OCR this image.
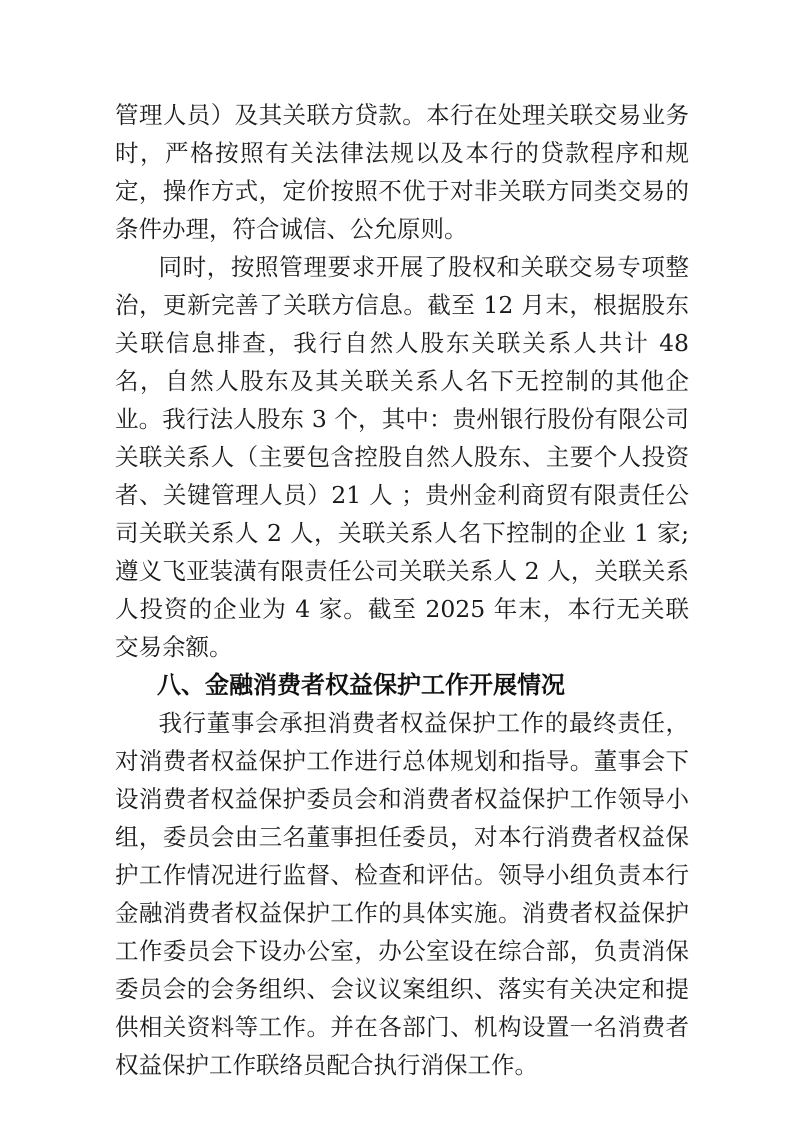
管理人员）及其关联方贷款。本行在处理关联交易业务时，严格按照有关法律法规以及本行的贷款程序和规定，操作方式，定价按照不优于对非关联方同类交易的条件办理，符合诚信、公允原则。

同时，按照管理要求开展了股权和关联交易专项整治，更新完善了关联方信息。截至 12 月末，根据股东关联信息排查，我行自然人股东关联关系人共计 48 名，自然人股东及其关联关系人名下无控制的其他企业。我行法人股东 3 个，其中：贵州银行股份有限公司关联关系人（主要包含控股自然人股东、主要个人投资者、关键管理人员）21 人 ；贵州金利商贸有限责任公司关联关系人 2 人，关联关系人名下控制的企业 1 家;遵义飞亚装潢有限责任公司关联关系人 2 人，关联关系人投资的企业为 4 家。截至 2025 年末，本行无关联交易余额。

八、金融消费者权益保护工作开展情况

我行董事会承担消费者权益保护工作的最终责任，对消费者权益保护工作进行总体规划和指导。董事会下设消费者权益保护委员会和消费者权益保护工作领导小组，委员会由三名董事担任委员，对本行消费者权益保护工作情况进行监督、检查和评估。领导小组负责本行金融消费者权益保护工作的具体实施。消费者权益保护工作委员会下设办公室，办公室设在综合部，负责消保委员会的会务组织、会议议案组织、落实有关决定和提供相关资料等工作。并在各部门、机构设置一名消费者权益保护工作联络员配合执行消保工作。
